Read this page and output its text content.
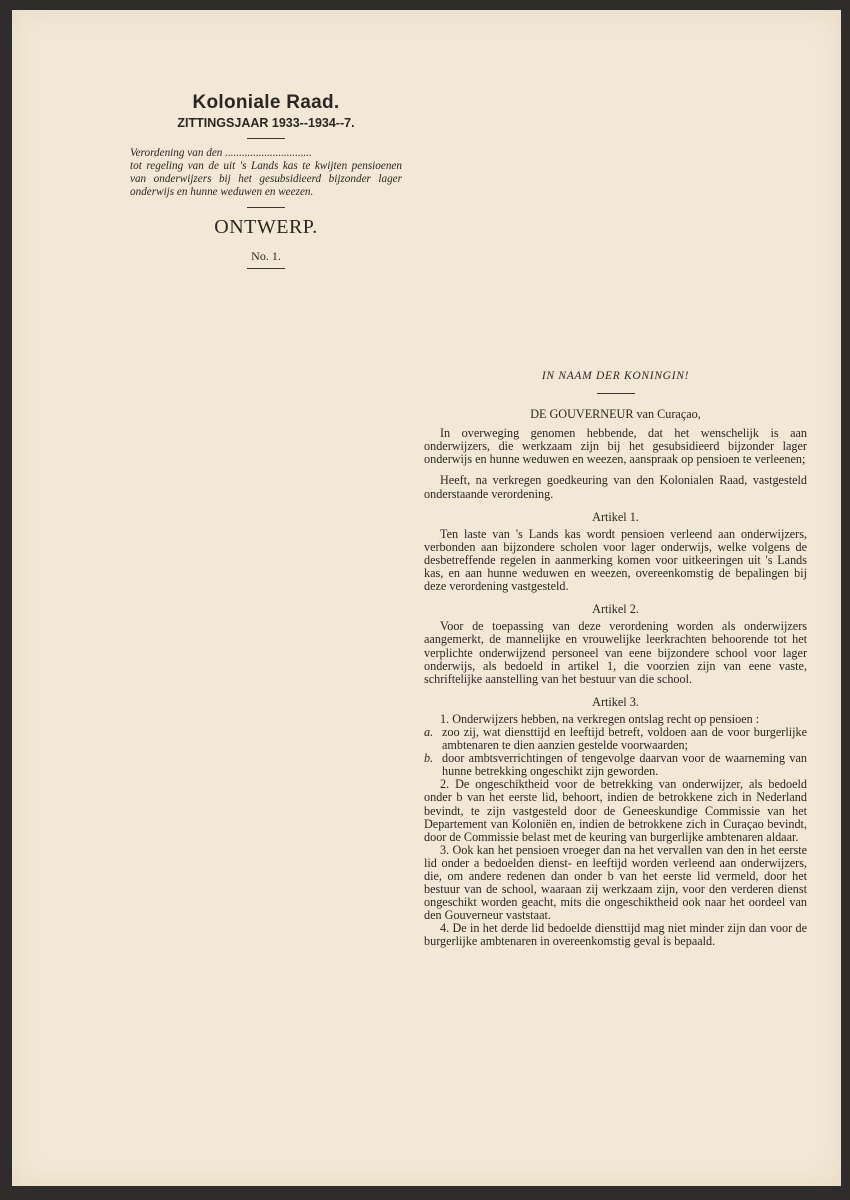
Koloniale Raad.

ZITTINGSJAAR 1933--1934--7.

Verordening van den ...............................
tot regeling van de uit 's Lands kas te kwijten pensioenen van onderwijzers bij het gesubsidieerd bijzonder lager onderwijs en hunne weduwen en weezen.

ONTWERP.

No. 1.

IN NAAM DER KONINGIN!

DE GOUVERNEUR van Curaçao,

In overweging genomen hebbende, dat het wenschelijk is aan onderwijzers, die werkzaam zijn bij het gesubsidieerd bijzonder lager onderwijs en hunne weduwen en weezen, aanspraak op pensioen te verleenen;

Heeft, na verkregen goedkeuring van den Kolonialen Raad, vastgesteld onderstaande verordening.

Artikel 1.

Ten laste van 's Lands kas wordt pensioen verleend aan onderwijzers, verbonden aan bijzondere scholen voor lager onderwijs, welke volgens de desbetreffende regelen in aanmerking komen voor uitkeeringen uit 's Lands kas, en aan hunne weduwen en weezen, overeenkomstig de bepalingen bij deze verordening vastgesteld.

Artikel 2.

Voor de toepassing van deze verordening worden als onderwijzers aangemerkt, de mannelijke en vrouwelijke leerkrachten behoorende tot het verplichte onderwijzend personeel van eene bijzondere school voor lager onderwijs, als bedoeld in artikel 1, die voorzien zijn van eene vaste, schriftelijke aanstelling van het bestuur van die school.

Artikel 3.

1. Onderwijzers hebben, na verkregen ontslag recht op pensioen :

a. zoo zij, wat diensttijd en leeftijd betreft, voldoen aan de voor burgerlijke ambtenaren te dien aanzien gestelde voorwaarden;
b. door ambtsverrichtingen of tengevolge daarvan voor de waarneming van hunne betrekking ongeschikt zijn geworden.

2. De ongeschiktheid voor de betrekking van onderwijzer, als bedoeld onder b van het eerste lid, behoort, indien de betrokkene zich in Nederland bevindt, te zijn vastgesteld door de Geneeskundige Commissie van het Departement van Koloniën en, indien de betrokkene zich in Curaçao bevindt, door de Commissie belast met de keuring van burgerlijke ambtenaren aldaar.

3. Ook kan het pensioen vroeger dan na het vervallen van den in het eerste lid onder a bedoelden dienst- en leeftijd worden verleend aan onderwijzers, die, om andere redenen dan onder b van het eerste lid vermeld, door het bestuur van de school, waaraan zij werkzaam zijn, voor den verderen dienst ongeschikt worden geacht, mits die ongeschiktheid ook naar het oordeel van den Gouverneur vaststaat.

4. De in het derde lid bedoelde diensttijd mag niet minder zijn dan voor de burgerlijke ambtenaren in overeenkomstig geval is bepaald.
